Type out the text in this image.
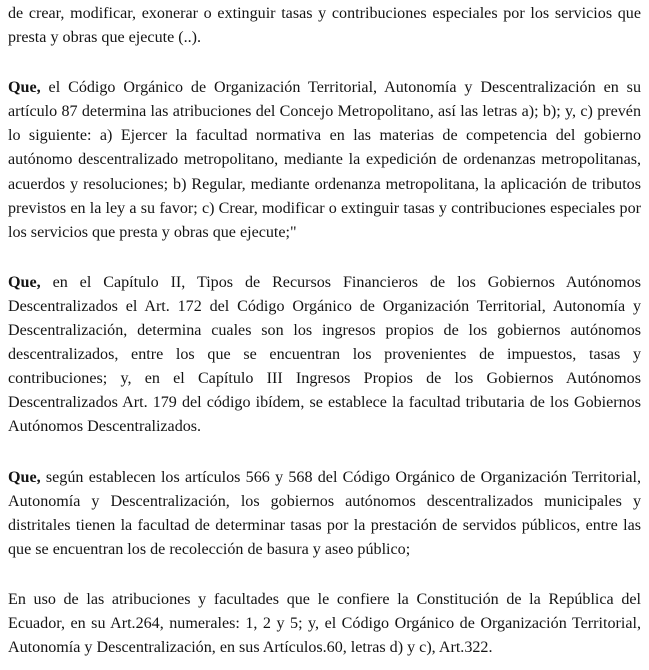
de crear, modificar, exonerar o extinguir tasas y contribuciones especiales por los servicios que presta y obras que ejecute (..).

Que, el Código Orgánico de Organización Territorial, Autonomía y Descentralización en su artículo 87 determina las atribuciones del Concejo Metropolitano, así las letras a); b); y, c) prevén lo siguiente: a) Ejercer la facultad normativa en las materias de competencia del gobierno autónomo descentralizado metropolitano, mediante la expedición de ordenanzas metropolitanas, acuerdos y resoluciones; b) Regular, mediante ordenanza metropolitana, la aplicación de tributos previstos en la ley a su favor; c) Crear, modificar o extinguir tasas y contribuciones especiales por los servicios que presta y obras que ejecute;"

Que, en el Capítulo II, Tipos de Recursos Financieros de los Gobiernos Autónomos Descentralizados el Art. 172 del Código Orgánico de Organización Territorial, Autonomía y Descentralización, determina cuales son los ingresos propios de los gobiernos autónomos descentralizados, entre los que se encuentran los provenientes de impuestos, tasas y contribuciones; y, en el Capítulo III Ingresos Propios de los Gobiernos Autónomos Descentralizados Art. 179 del código ibídem, se establece la facultad tributaria de los Gobiernos Autónomos Descentralizados.

Que, según establecen los artículos 566 y 568 del Código Orgánico de Organización Territorial, Autonomía y Descentralización, los gobiernos autónomos descentralizados municipales y distritales tienen la facultad de determinar tasas por la prestación de servidos públicos, entre las que se encuentran los de recolección de basura y aseo público;

En uso de las atribuciones y facultades que le confiere la Constitución de la República del Ecuador, en su Art.264, numerales: 1, 2 y 5; y, el Código Orgánico de Organización Territorial, Autonomía y Descentralización, en sus Artículos.60, letras d) y c), Art.322.
